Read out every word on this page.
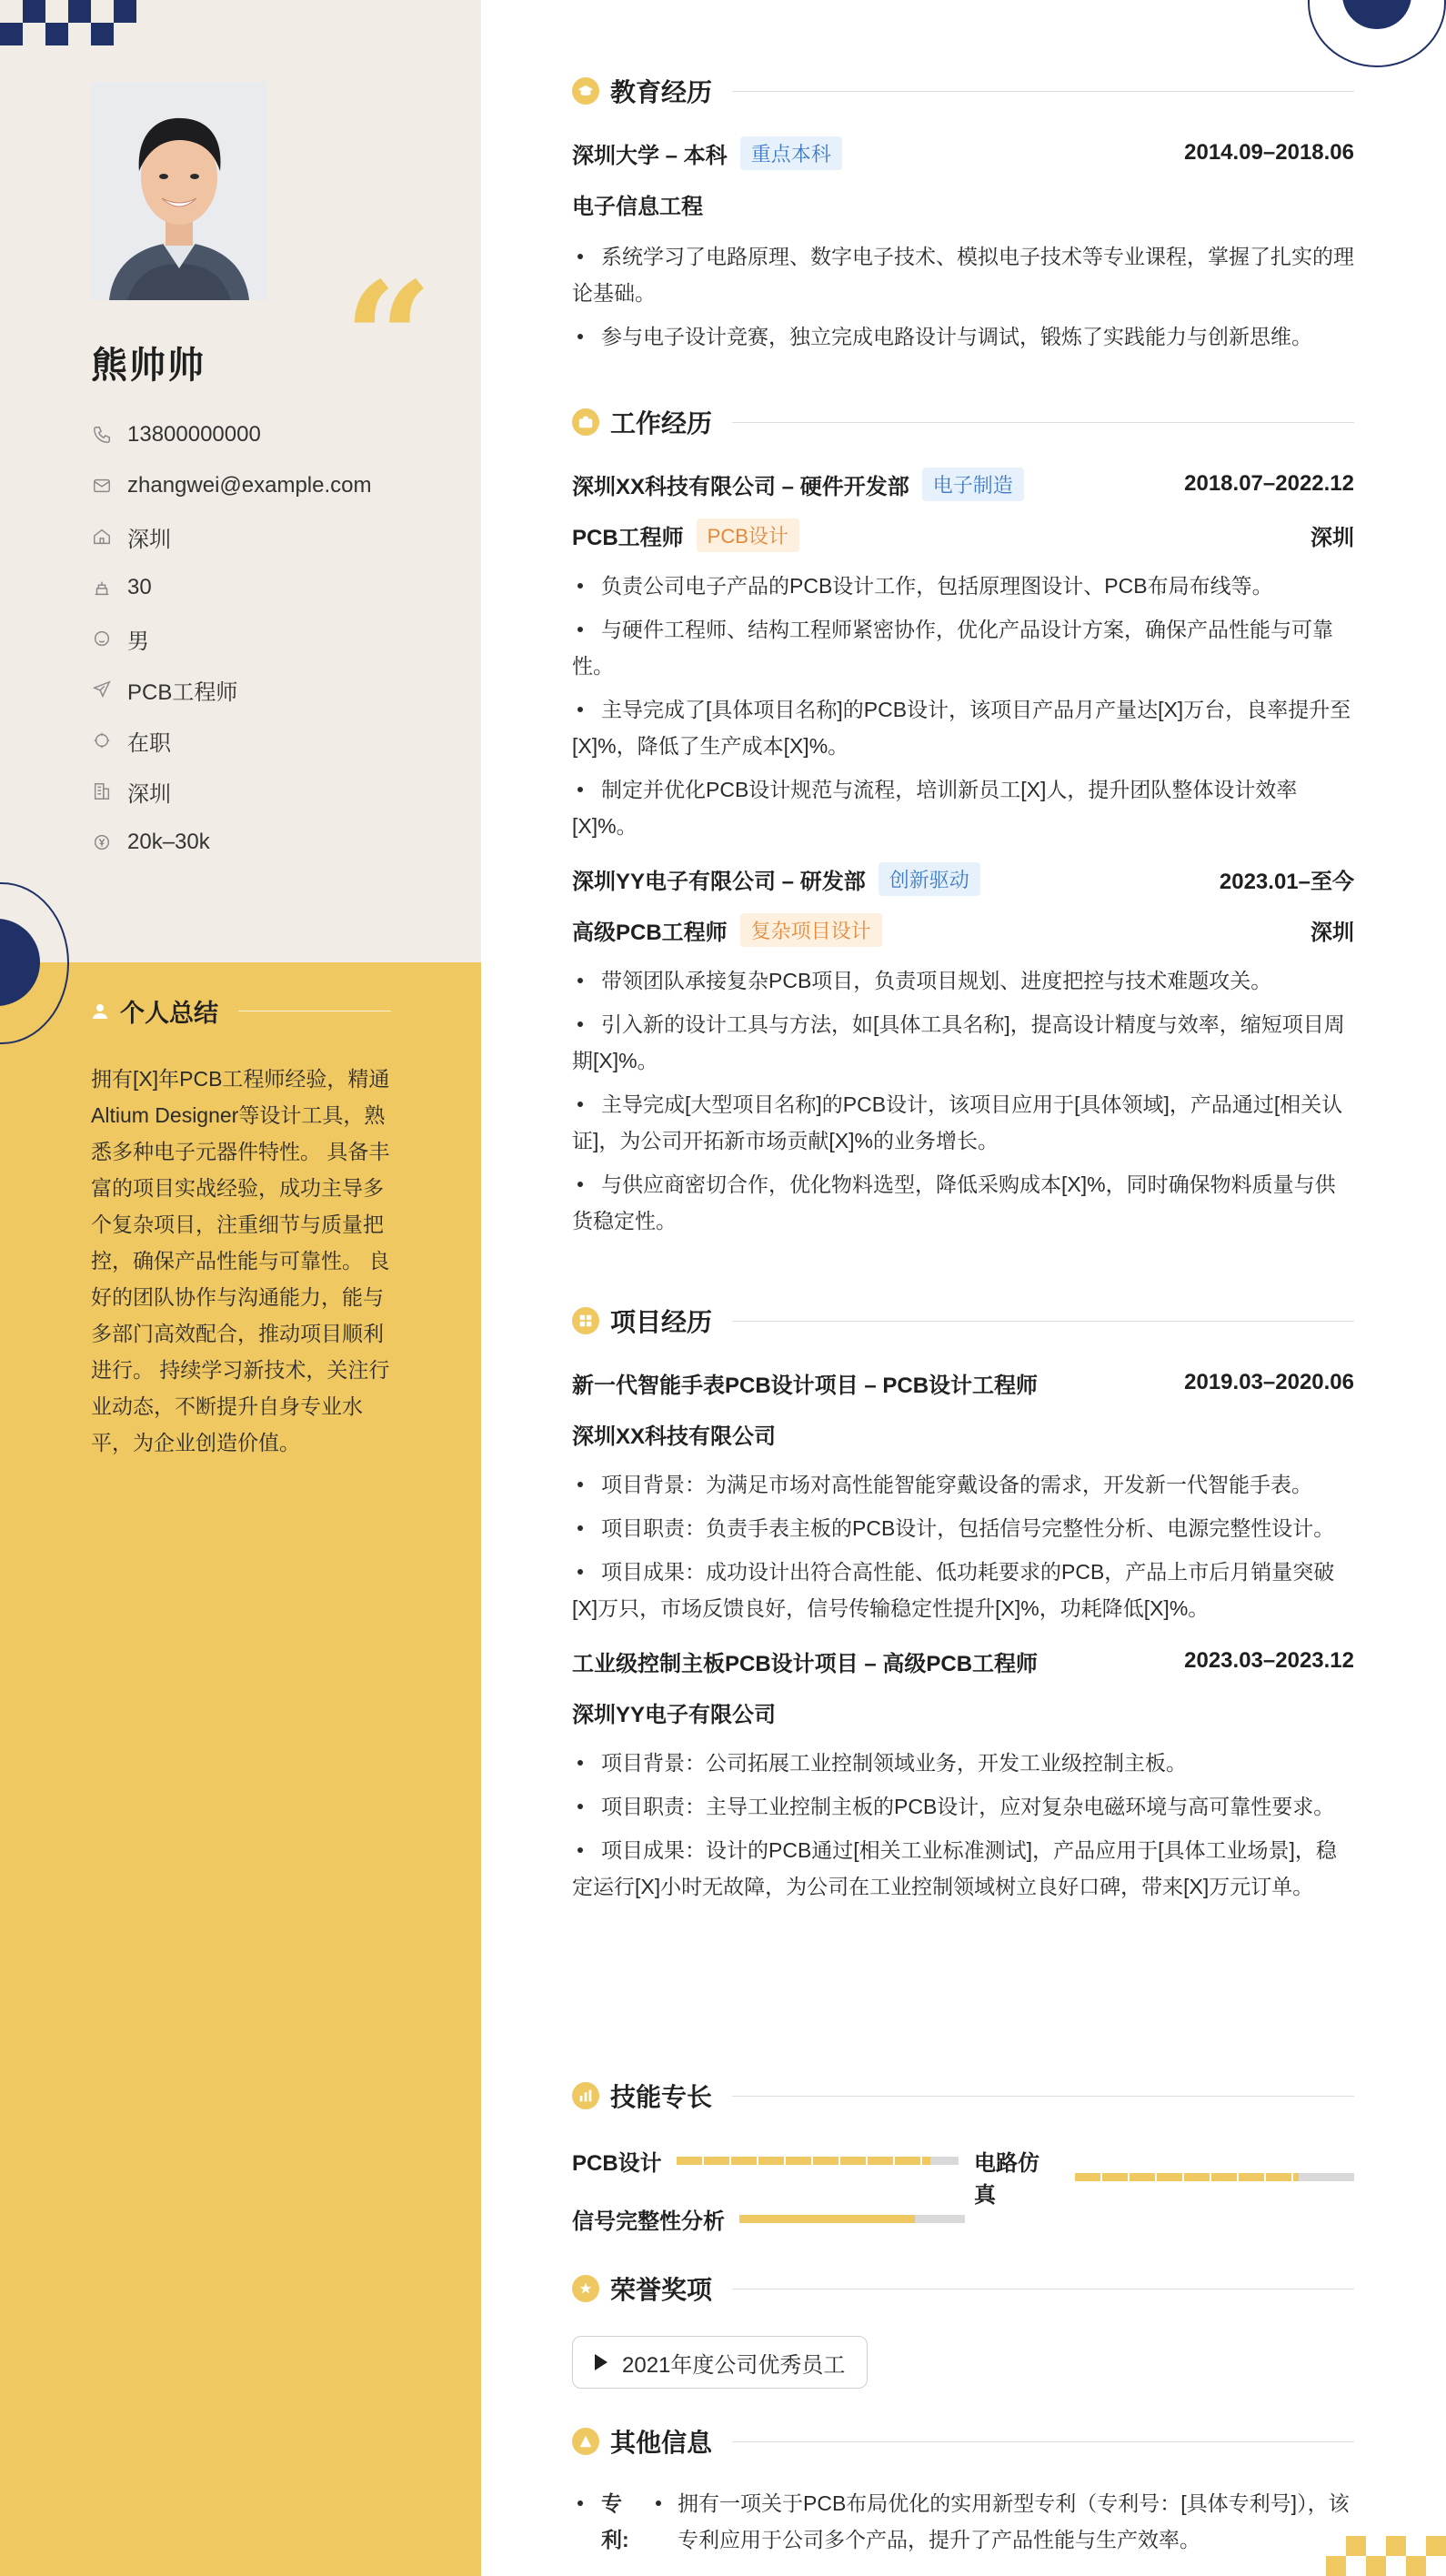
“
熊帅帅
13800000000
zhangwei@example.com
深圳
30
男
PCB工程师
在职
深圳
20k–30k
个人总结

拥有[X]年PCB工程师经验，精通Altium Designer等设计工具，熟悉多种电子元器件特性。 具备丰富的项目实战经验，成功主导多个复杂项目，注重细节与质量把控，确保产品性能与可靠性。 良好的团队协作与沟通能力，能与多部门高效配合，推动项目顺利进行。 持续学习新技术，关注行业动态，不断提升自身专业水平，为企业创造价值。

教育经历
深圳大学 – 本科	重点本科	2014.09–2018.06
电子信息工程
系统学习了电路原理、数字电子技术、模拟电子技术等专业课程，掌握了扎实的理论基础。
参与电子设计竞赛，独立完成电路设计与调试，锻炼了实践能力与创新思维。
工作经历
深圳XX科技有限公司 – 硬件开发部	电子制造	2018.07–2022.12
PCB工程师	PCB设计	深圳
负责公司电子产品的PCB设计工作，包括原理图设计、PCB布局布线等。
与硬件工程师、结构工程师紧密协作，优化产品设计方案，确保产品性能与可靠性。
主导完成了[具体项目名称]的PCB设计，该项目产品月产量达[X]万台，良率提升至[X]%，降低了生产成本[X]%。
制定并优化PCB设计规范与流程，培训新员工[X]人，提升团队整体设计效率[X]%。
深圳YY电子有限公司 – 研发部	创新驱动	2023.01–至今
高级PCB工程师	复杂项目设计	深圳
带领团队承接复杂PCB项目，负责项目规划、进度把控与技术难题攻关。
引入新的设计工具与方法，如[具体工具名称]，提高设计精度与效率，缩短项目周期[X]%。
主导完成[大型项目名称]的PCB设计，该项目应用于[具体领域]，产品通过[相关认证]，为公司开拓新市场贡献[X]%的业务增长。
与供应商密切合作，优化物料选型，降低采购成本[X]%，同时确保物料质量与供货稳定性。
项目经历
新一代智能手表PCB设计项目 – PCB设计工程师	2019.03–2020.06
深圳XX科技有限公司
项目背景：为满足市场对高性能智能穿戴设备的需求，开发新一代智能手表。
项目职责：负责手表主板的PCB设计，包括信号完整性分析、电源完整性设计。
项目成果：成功设计出符合高性能、低功耗要求的PCB，产品上市后月销量突破[X]万只，市场反馈良好，信号传输稳定性提升[X]%，功耗降低[X]%。
工业级控制主板PCB设计项目 – 高级PCB工程师	2023.03–2023.12
深圳YY电子有限公司
项目背景：公司拓展工业控制领域业务，开发工业级控制主板。
项目职责：主导工业控制主板的PCB设计，应对复杂电磁环境与高可靠性要求。
项目成果：设计的PCB通过[相关工业标准测试]，产品应用于[具体工业场景]，稳定运行[X]小时无故障，为公司在工业控制领域树立良好口碑，带来[X]万元订单。
技能专长
PCB设计	电路仿真
信号完整性分析
荣誉奖项
2021年度公司优秀员工
其他信息
专利:
拥有一项关于PCB布局优化的实用新型专利（专利号：[具体专利号]），该专利应用于公司多个产品，提升了产品性能与生产效率。
